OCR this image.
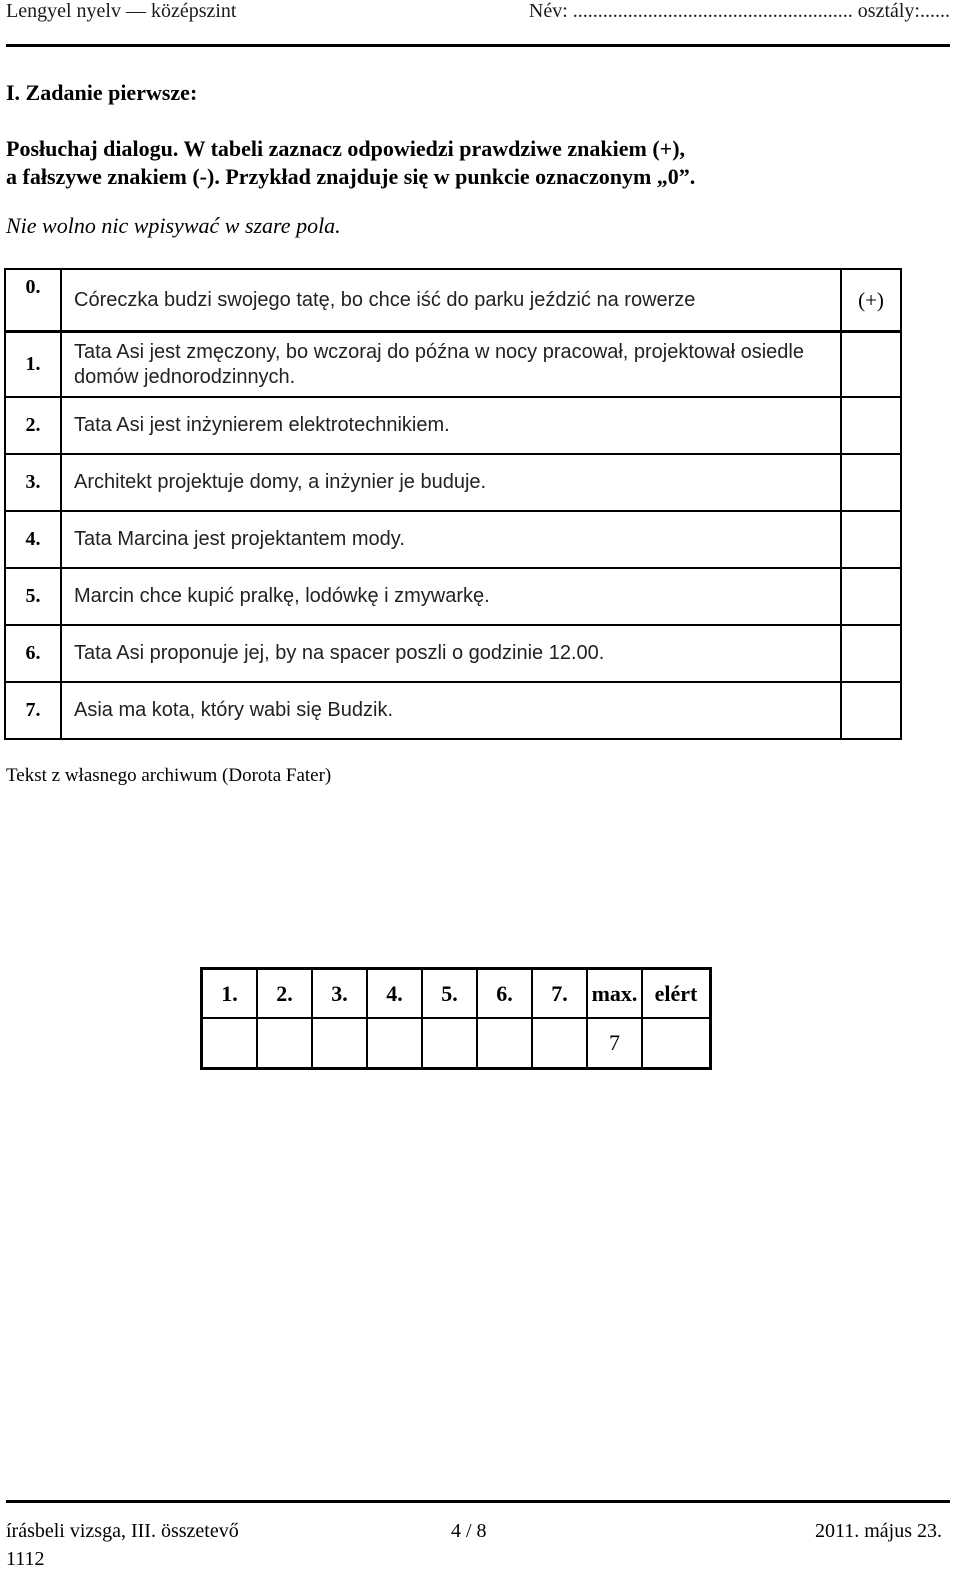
Lengyel nyelv — középszint	Név: ........................................................ osztály:......
I. Zadanie pierwsze:
Posłuchaj dialogu. W tabeli zaznacz odpowiedzi prawdziwe znakiem (+),
a fałszywe znakiem (-). Przykład znajduje się w punkcie oznaczonym „0”.
Nie wolno nic wpisywać w szare pola.
0.	Córeczka budzi swojego tatę, bo chce iść do parku jeździć na rowerze	(+)
1.	Tata Asi jest zmęczony, bo wczoraj do późna w nocy pracował, projektował osiedle domów jednorodzinnych.	
2.	Tata Asi jest inżynierem elektrotechnikiem.	
3.	Architekt projektuje domy, a inżynier je buduje.	
4.	Tata Marcina jest projektantem mody.	
5.	Marcin chce kupić pralkę, lodówkę i zmywarkę.	
6.	Tata Asi proponuje jej, by na spacer poszli o godzinie 12.00.	
7.	Asia ma kota, który wabi się Budzik.	
Tekst z własnego archiwum (Dorota Fater)
1.	2.	3.	4.	5.	6.	7.	max.	elért
							7	
írásbeli vizsga, III. összetevő	4 / 8	2011. május 23.
1112
